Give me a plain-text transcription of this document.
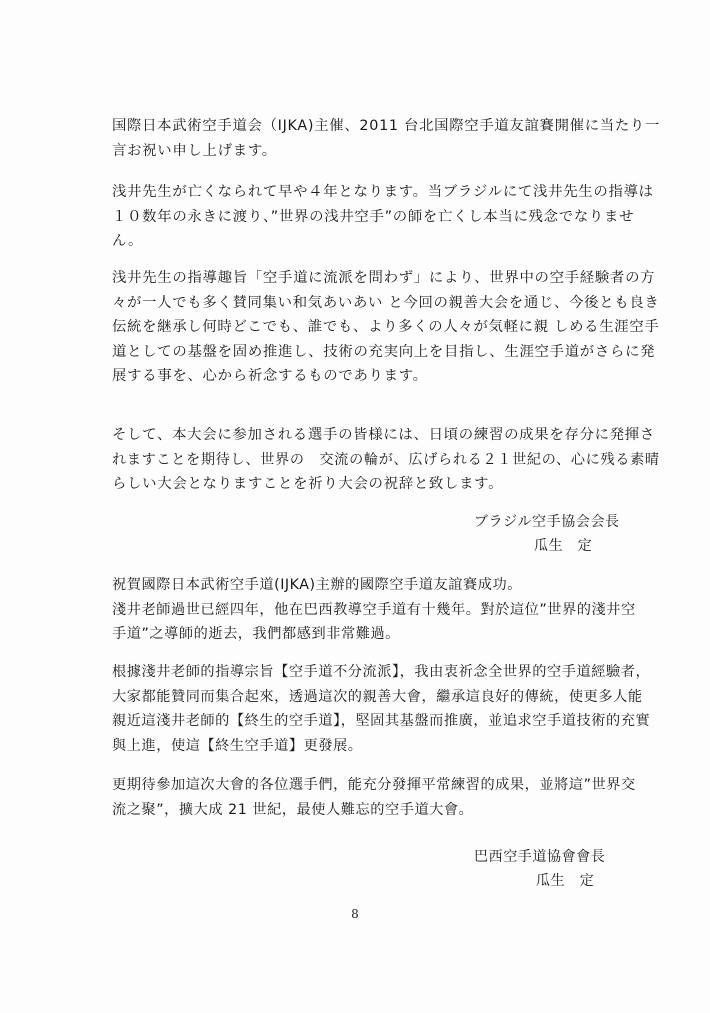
国際日本武術空手道会（IJKA)主催、2011 台北国際空手道友誼賽開催に当たり一
言お祝い申し上げます。
浅井先生が亡くなられて早や４年となります。当ブラジルにて浅井先生の指導は
１０数年の永きに渡り、”世界の浅井空手”の師を亡くし本当に残念でなりませ
ん。
浅井先生の指導趣旨「空手道に流派を問わず」により、世界中の空手経験者の方
々が一人でも多く賛同集い和気あいあい と今回の親善大会を通じ、今後とも良き
伝統を継承し何時どこでも、誰でも、より多くの人々が気軽に親 しめる生涯空手
道としての基盤を固め推進し、技術の充実向上を目指し、生涯空手道がさらに発
展する事を、心から祈念するものであります。
そして、本大会に参加される選手の皆様には、日頃の練習の成果を存分に発揮さ
れますことを期待し、世界の　交流の輪が、広げられる２１世紀の、心に残る素晴
らしい大会となりますことを祈り大会の祝辞と致します。
ブラジル空手協会会長
瓜生　定
祝賀國際日本武術空手道(IJKA)主辦的國際空手道友誼賽成功。
淺井老師過世已經四年，他在巴西教導空手道有十幾年。對於這位”世界的淺井空
手道”之導師的逝去，我們都感到非常難過。
根據淺井老師的指導宗旨【空手道不分流派】，我由衷祈念全世界的空手道經驗者，
大家都能贊同而集合起來，透過這次的親善大會，繼承這良好的傳統，使更多人能
親近這淺井老師的【終生的空手道】，堅固其基盤而推廣，並追求空手道技術的充實
與上進，使這【終生空手道】更發展。
更期待參加這次大會的各位選手們，能充分發揮平常練習的成果，並將這”世界交
流之聚”，擴大成 21 世紀，最使人難忘的空手道大會。
巴西空手道協會會長
瓜生　定
8
